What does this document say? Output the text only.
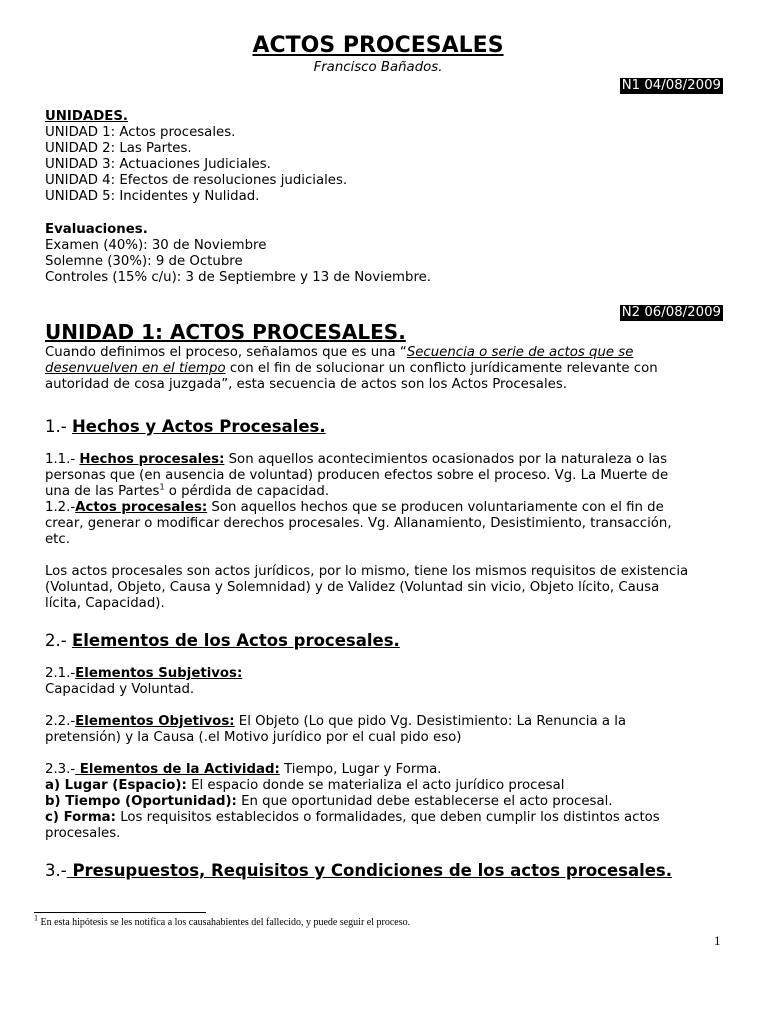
ACTOS PROCESALES
Francisco Bañados.
N1 04/08/2009
UNIDADES.
UNIDAD 1: Actos procesales.
UNIDAD 2: Las Partes.
UNIDAD 3: Actuaciones Judiciales.
UNIDAD 4: Efectos de resoluciones judiciales.
UNIDAD 5: Incidentes y Nulidad.
Evaluaciones.
Examen (40%): 30 de Noviembre
Solemne (30%): 9 de Octubre
Controles (15% c/u): 3 de Septiembre y 13 de Noviembre.
N2 06/08/2009
UNIDAD 1: ACTOS PROCESALES.
Cuando definimos el proceso, señalamos que es una “Secuencia o serie de actos que se
desenvuelven en el tiempo con el fin de solucionar un conflicto jurídicamente relevante con
autoridad de cosa juzgada”, esta secuencia de actos son los Actos Procesales.
1.- Hechos y Actos Procesales.
1.1.- Hechos procesales: Son aquellos acontecimientos ocasionados por la naturaleza o las
personas que (en ausencia de voluntad) producen efectos sobre el proceso. Vg. La Muerte de
una de las Partes$^1$ o pérdida de capacidad.
1.2.-Actos procesales: Son aquellos hechos que se producen voluntariamente con el fin de
crear, generar o modificar derechos procesales. Vg. Allanamiento, Desistimiento, transacción,
etc.

Los actos procesales son actos jurídicos, por lo mismo, tiene los mismos requisitos de existencia
(Voluntad, Objeto, Causa y Solemnidad) y de Validez (Voluntad sin vicio, Objeto lícito, Causa
lícita, Capacidad).
2.- Elementos de los Actos procesales.
2.1.-Elementos Subjetivos:
Capacidad y Voluntad.

2.2.-Elementos Objetivos: El Objeto (Lo que pido Vg. Desistimiento: La Renuncia a la
pretensión) y la Causa (.el Motivo jurídico por el cual pido eso)

2.3.- Elementos de la Actividad: Tiempo, Lugar y Forma.
a) Lugar (Espacio): El espacio donde se materializa el acto jurídico procesal
b) Tiempo (Oportunidad): En que oportunidad debe establecerse el acto procesal.
c) Forma: Los requisitos establecidos o formalidades, que deben cumplir los distintos actos
procesales.
3.- Presupuestos, Requisitos y Condiciones de los actos procesales.
$^1$ En esta hipótesis se les notifica a los causahabientes del fallecido, y puede seguir el proceso.
1
